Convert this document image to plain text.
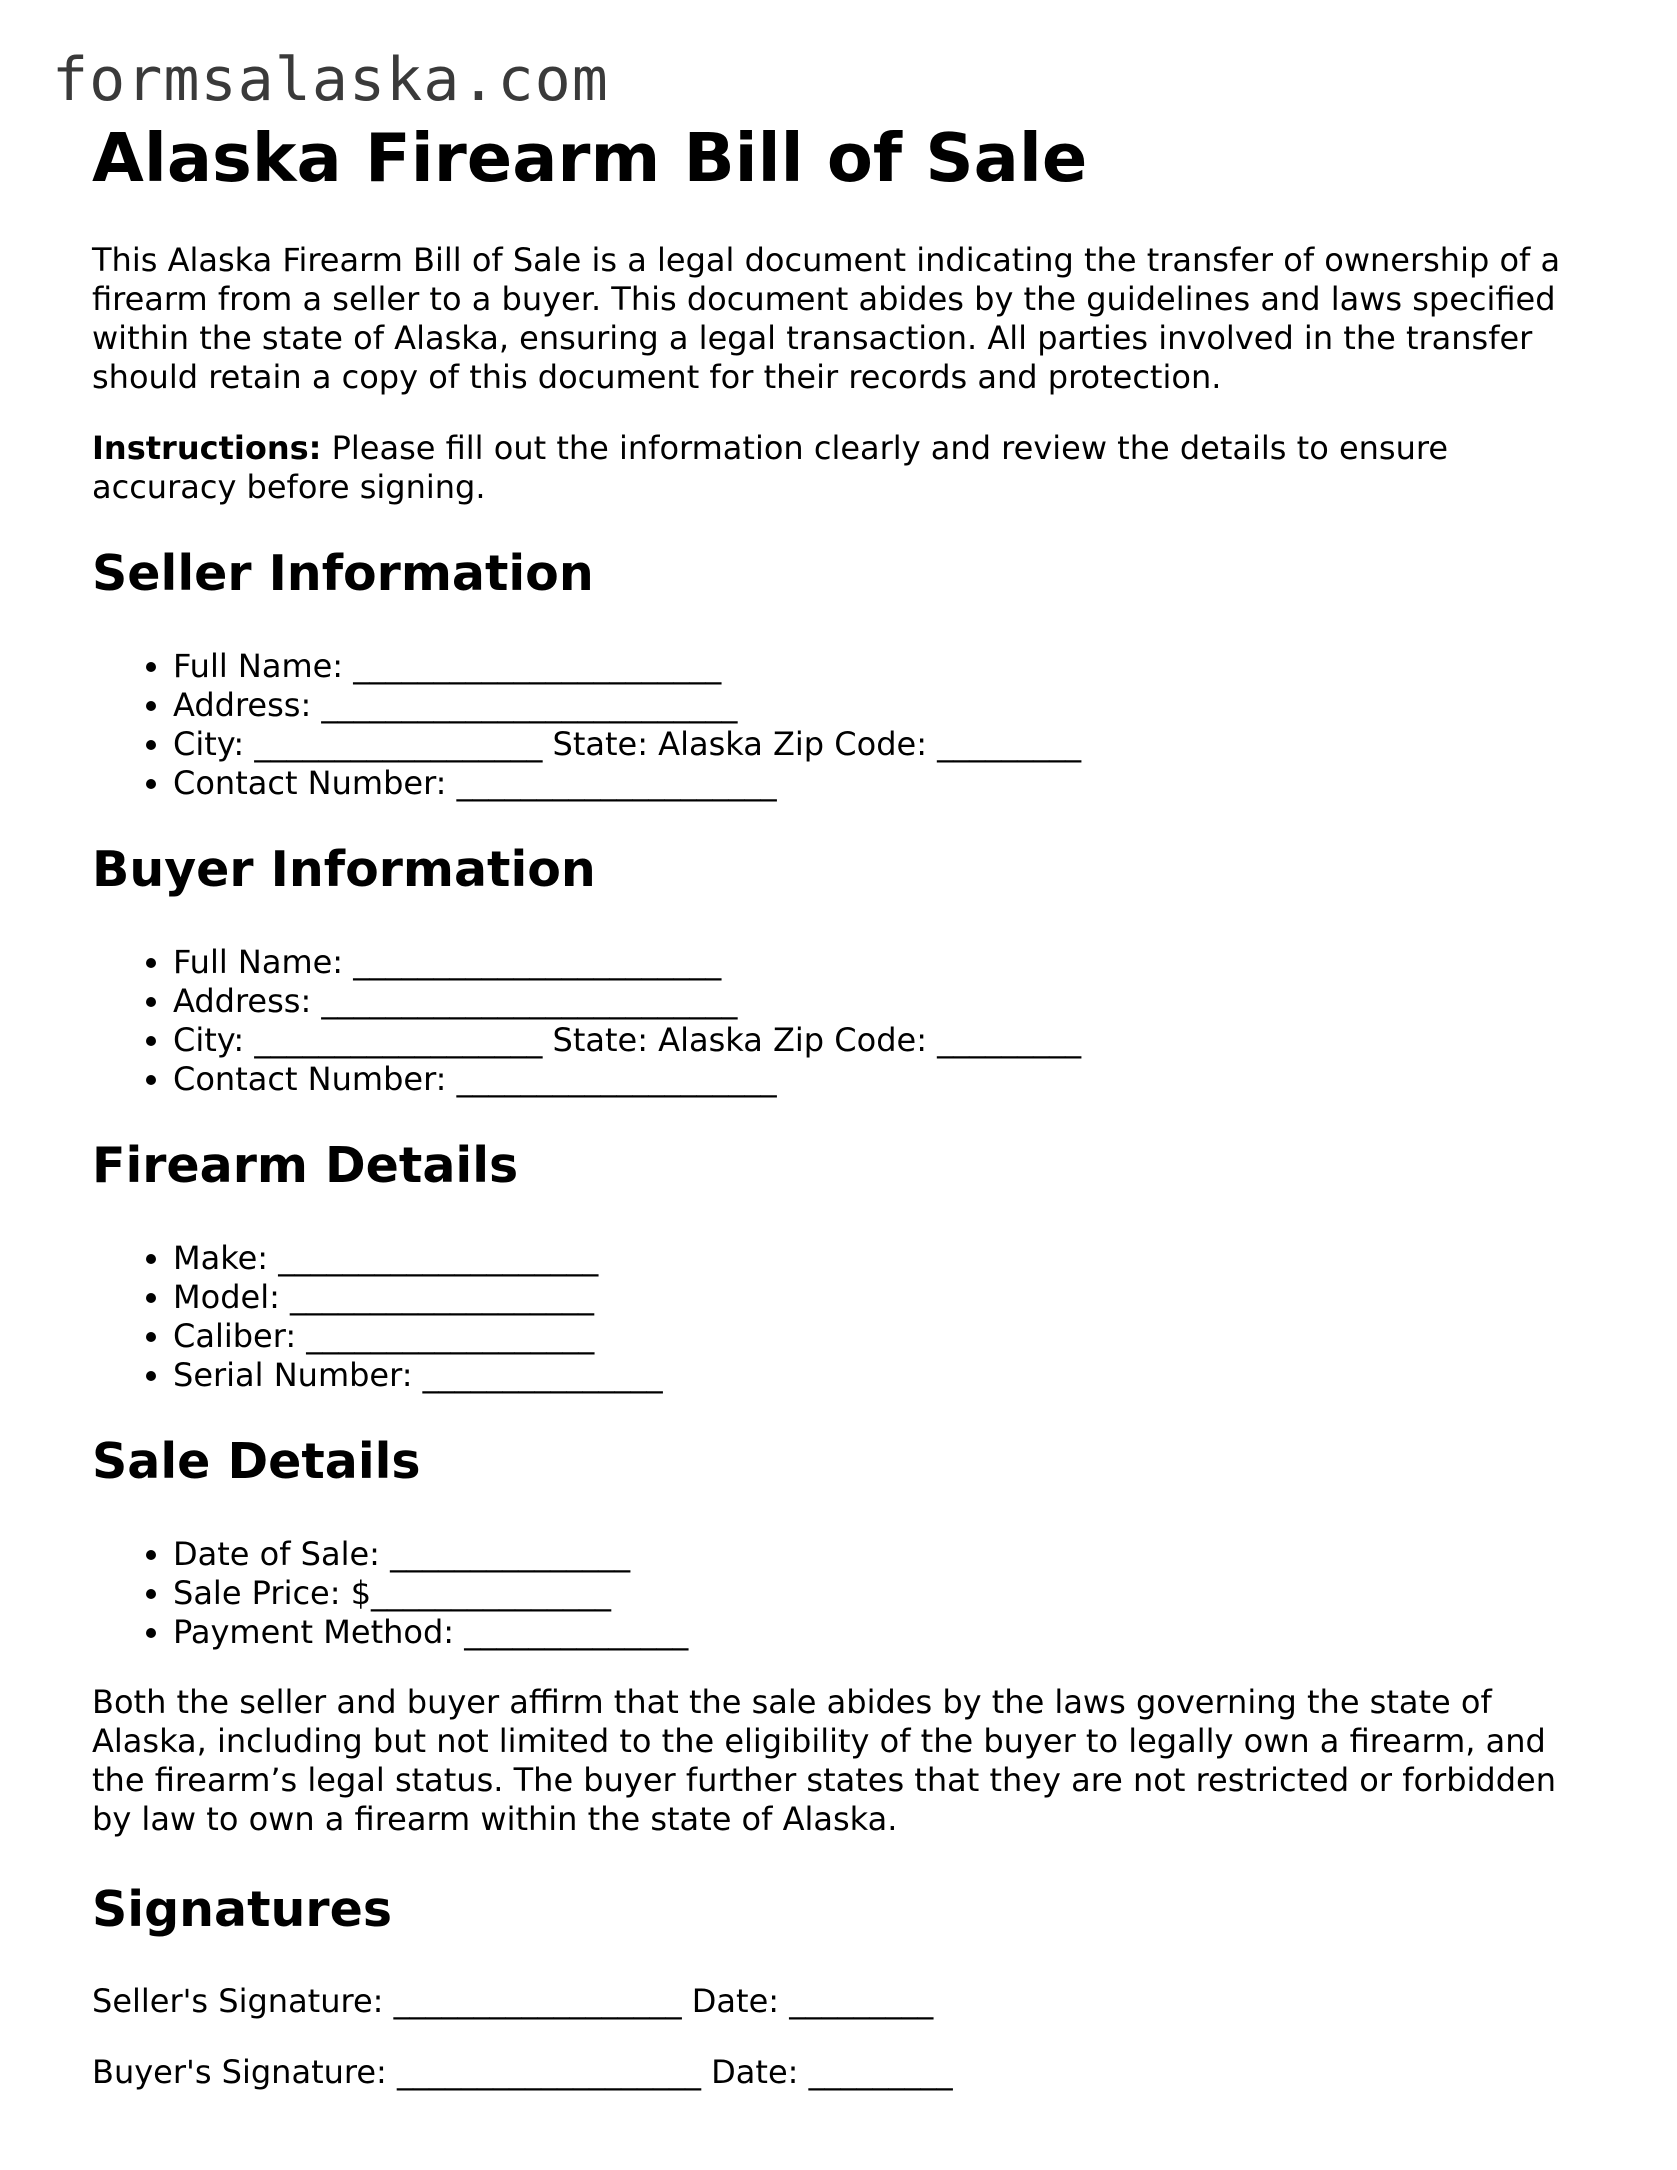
formsalaska.com
Alaska Firearm Bill of Sale

This Alaska Firearm Bill of Sale is a legal document indicating the transfer of ownership of a firearm from a seller to a buyer. This document abides by the guidelines and laws specified within the state of Alaska, ensuring a legal transaction. All parties involved in the transfer should retain a copy of this document for their records and protection.

Instructions: Please fill out the information clearly and review the details to ensure accuracy before signing.

Seller Information
• Full Name: _______________________
• Address: __________________________
• City: __________________ State: Alaska Zip Code: _________
• Contact Number: ____________________
Buyer Information
• Full Name: _______________________
• Address: __________________________
• City: __________________ State: Alaska Zip Code: _________
• Contact Number: ____________________
Firearm Details
• Make: ____________________
• Model: ___________________
• Caliber: __________________
• Serial Number: _______________
Sale Details
• Date of Sale: _______________
• Sale Price: $_______________
• Payment Method: ______________

Both the seller and buyer affirm that the sale abides by the laws governing the state of Alaska, including but not limited to the eligibility of the buyer to legally own a firearm, and the firearm’s legal status. The buyer further states that they are not restricted or forbidden by law to own a firearm within the state of Alaska.

Signatures

Seller's Signature: __________________ Date: _________

Buyer's Signature: ___________________ Date: _________
